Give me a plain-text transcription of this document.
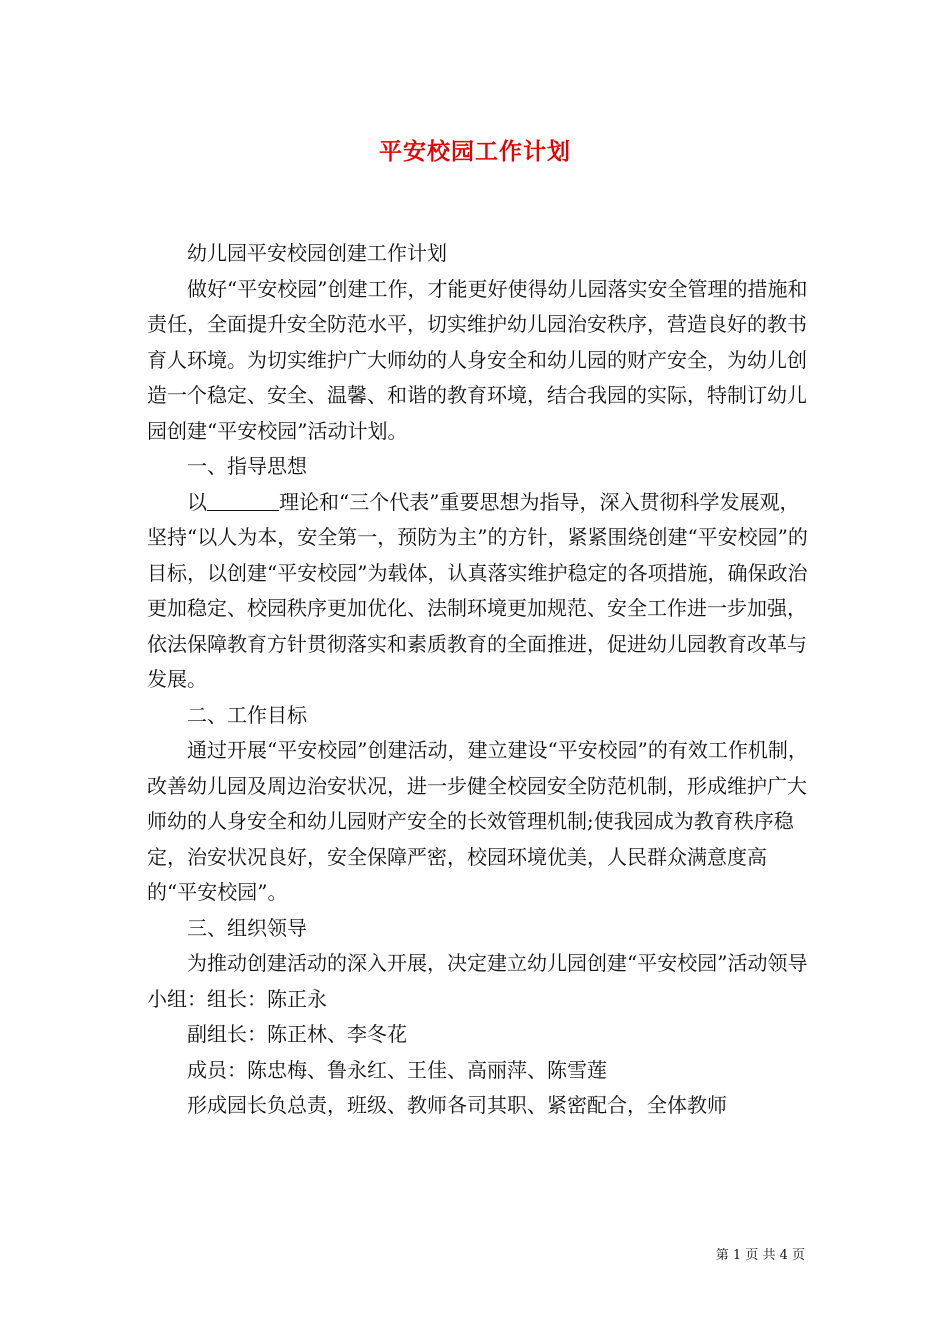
平安校园工作计划

幼儿园平安校园创建工作计划

做好“平安校园”创建工作，才能更好使得幼儿园落实安全管理的措施和责任，全面提升安全防范水平，切实维护幼儿园治安秩序，营造良好的教书育人环境。为切实维护广大师幼的人身安全和幼儿园的财产安全，为幼儿创造一个稳定、安全、温馨、和谐的教育环境，结合我园的实际，特制订幼儿园创建“平安校园”活动计划。

一、指导思想

以	理论和“三个代表”重要思想为指导，深入贯彻科学发展观，坚持“以人为本，安全第一，预防为主”的方针，紧紧围绕创建“平安校园”的目标，以创建“平安校园”为载体，认真落实维护稳定的各项措施，确保政治更加稳定、校园秩序更加优化、法制环境更加规范、安全工作进一步加强，依法保障教育方针贯彻落实和素质教育的全面推进，促进幼儿园教育改革与发展。

二、工作目标

通过开展“平安校园”创建活动，建立建设“平安校园”的有效工作机制，改善幼儿园及周边治安状况，进一步健全校园安全防范机制，形成维护广大师幼的人身安全和幼儿园财产安全的长效管理机制;使我园成为教育秩序稳定，治安状况良好，安全保障严密，校园环境优美，人民群众满意度高的“平安校园”。

三、组织领导

为推动创建活动的深入开展，决定建立幼儿园创建“平安校园”活动领导小组：组长：陈正永

副组长：陈正林、李冬花

成员：陈忠梅、鲁永红、王佳、高丽萍、陈雪莲

形成园长负总责，班级、教师各司其职、紧密配合，全体教师

第 1 页 共 4 页
